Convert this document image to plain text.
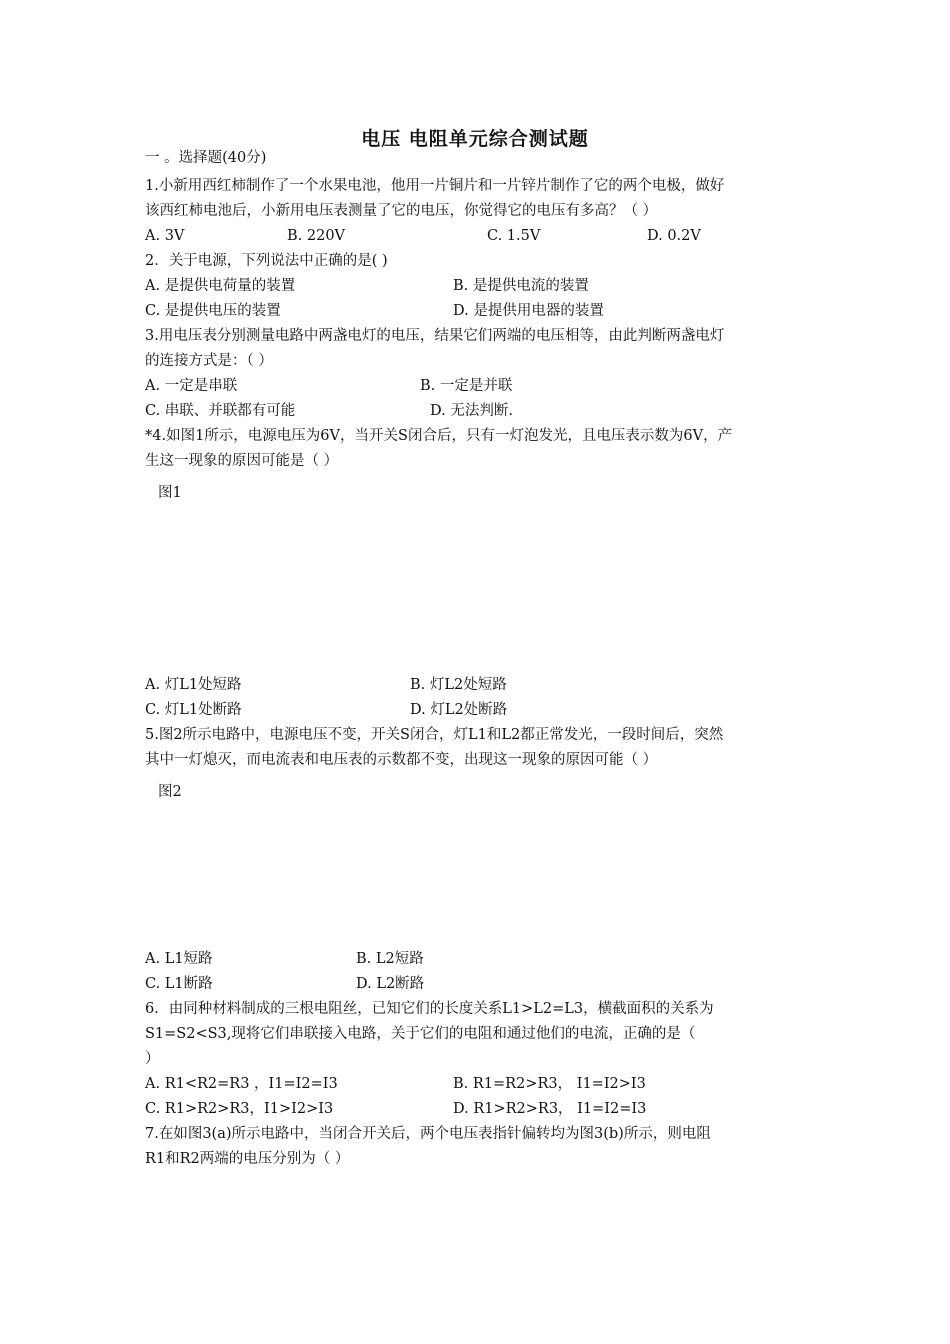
电压 电阻单元综合测试题
一 。选择题(40分)
1.小新用西红柿制作了一个水果电池，他用一片铜片和一片锌片制作了它的两个电极，做好
该西红柿电池后，小新用电压表测量了它的电压，你觉得它的电压有多高？（ ）
A. 3V	B. 220V	C. 1.5V	D. 0.2V
2．关于电源，下列说法中正确的是( )
A. 是提供电荷量的装置	B. 是提供电流的装置
C. 是提供电压的装置	D. 是提供用电器的装置
3.用电压表分别测量电路中两盏电灯的电压，结果它们两端的电压相等，由此判断两盏电灯
的连接方式是：（ ）
A. 一定是串联	B. 一定是并联
C. 串联、并联都有可能	D. 无法判断.
*4.如图1所示，电源电压为6V，当开关S闭合后，只有一灯泡发光，且电压表示数为6V，产
生这一现象的原因可能是（ ）
图1
A. 灯L1处短路	B. 灯L2处短路
C. 灯L1处断路	D. 灯L2处断路
5.图2所示电路中，电源电压不变，开关S闭合，灯L1和L2都正常发光，一段时间后，突然
其中一灯熄灭，而电流表和电压表的示数都不变，出现这一现象的原因可能（ ）
图2
A. L1短路	B. L2短路
C. L1断路	D. L2断路
6．由同种材料制成的三根电阻丝，已知它们的长度关系L1>L2=L3，横截面积的关系为
S1=S2<S3,现将它们串联接入电路，关于它们的电阻和通过他们的电流，正确的是（
）
A. R1<R2=R3 ，I1=I2=I3	B. R1=R2>R3， I1=I2>I3
C. R1>R2>R3，I1>I2>I3	D. R1>R2>R3， I1=I2=I3
7.在如图3(a)所示电路中，当闭合开关后，两个电压表指针偏转均为图3(b)所示，则电阻
R1和R2两端的电压分别为（ ）
